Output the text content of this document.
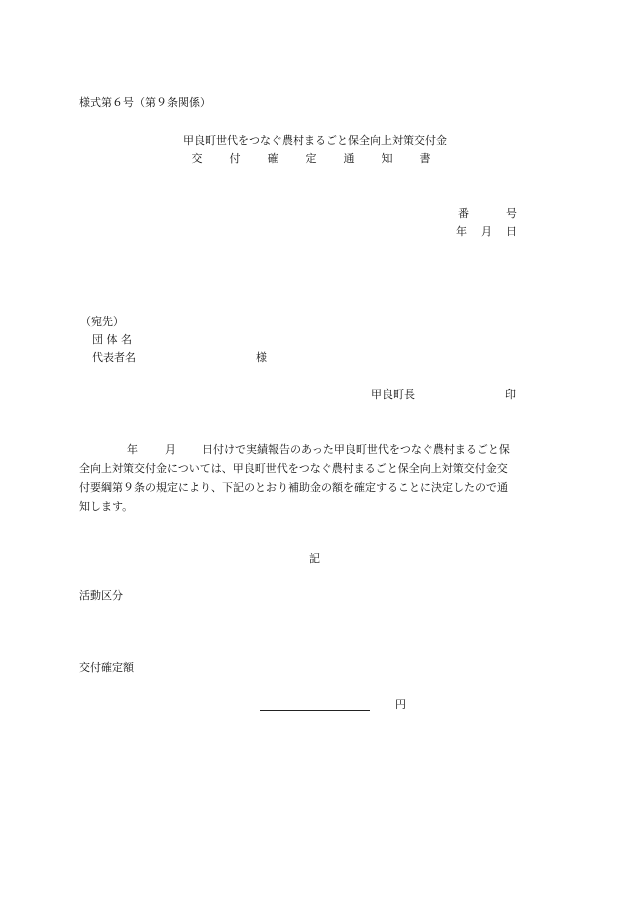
様式第６号（第９条関係）
甲良町世代をつなぐ農村まるごと保全向上対策交付金
交　付　確　定　通　知　書
番	号
年 月 日
（宛先）
団 体 名
代表者名	様
甲良町長	印
年 月 日付けで実績報告のあった甲良町世代をつなぐ農村まるごと保
全向上対策交付金については、甲良町世代をつなぐ農村まるごと保全向上対策交付金交
付要綱第９条の規定により、下記のとおり補助金の額を確定することに決定したので通
知します。
記
活動区分
交付確定額
円
